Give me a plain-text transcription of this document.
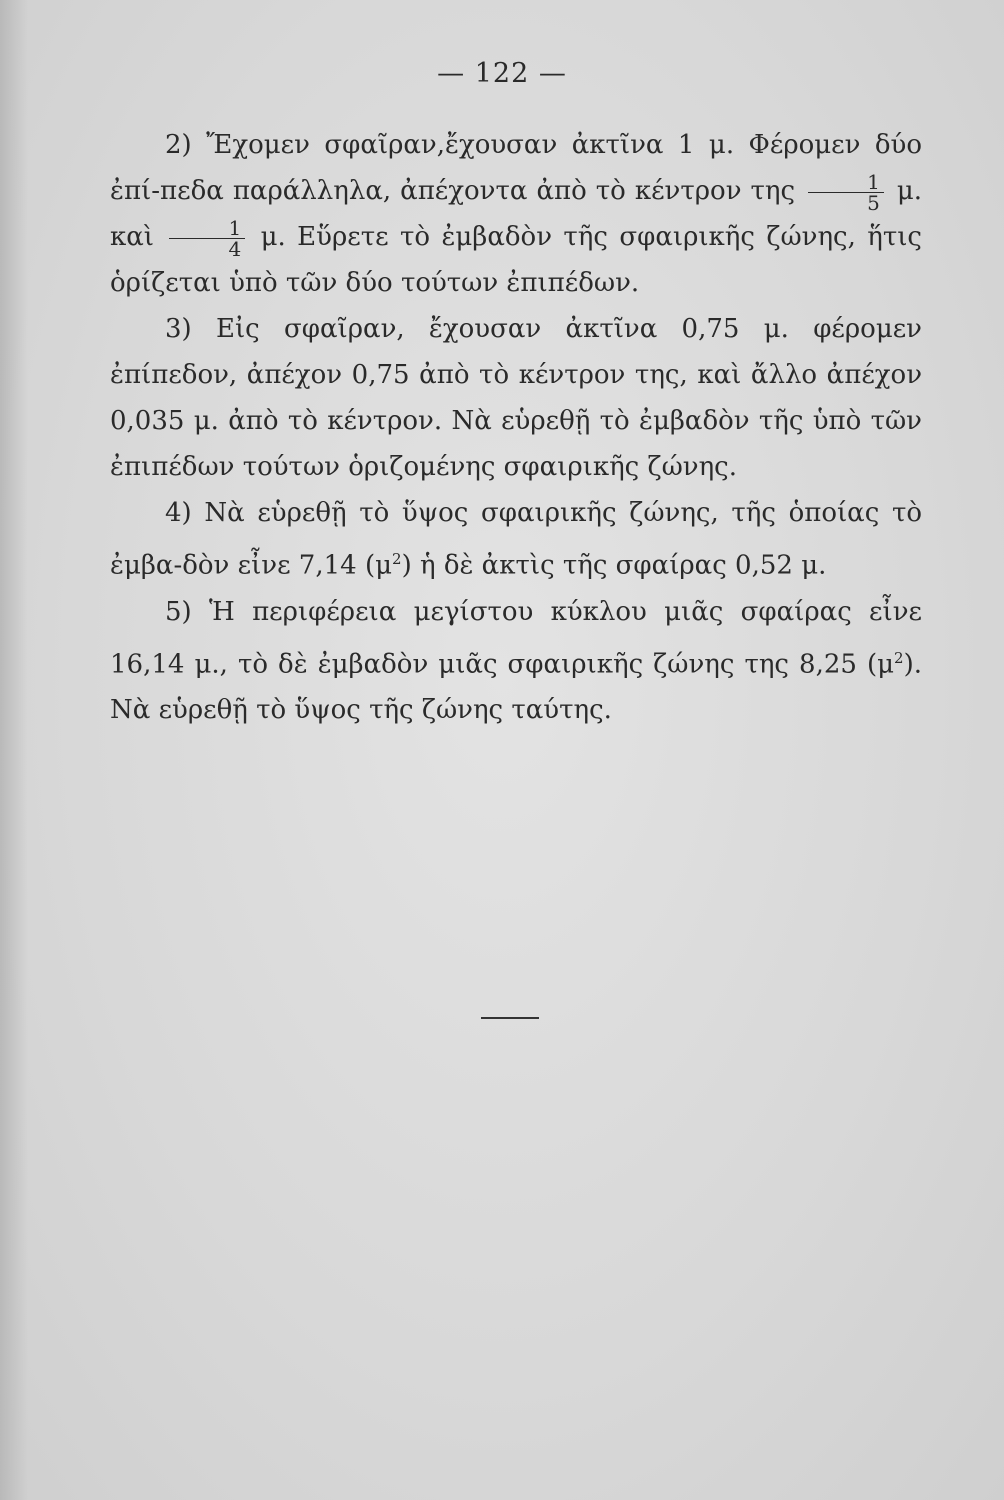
— 122 —

2) Ἔχομεν σφαῖραν,ἔχουσαν ἀκτῖνα 1 μ. Φέρομεν δύο ἐπί-πεδα παράλληλα, ἀπέχοντα ἀπὸ τὸ κέντρον της $\frac{1}{5} \mu$. καὶ $\frac{1}{4} \mu$. Εὕρετε τὸ ἐμβαδὸν τῆς σφαιρικῆς ζώνης, ἥτις ὁρίζεται ὑπὸ τῶν δύο τούτων ἐπιπέδων.

3) Εἰς σφαῖραν, ἔχουσαν ἀκτῖνα 0,75 μ. φέρομεν ἐπίπεδον, ἀπέχον 0,75 ἀπὸ τὸ κέντρον της, καὶ ἄλλο ἀπέχον 0,035 μ. ἀπὸ τὸ κέντρον. Νὰ εὑρεθῇ τὸ ἐμβαδὸν τῆς ὑπὸ τῶν ἐπιπέδων τούτων ὁριζομένης σφαιρικῆς ζώνης.

4) Νὰ εὑρεθῇ τὸ ὕψος σφαιρικῆς ζώνης, τῆς ὁποίας τὸ ἐμβα-δὸν εἶνε 7,14 $(\mu^2)$ ἡ δὲ ἀκτὶς τῆς σφαίρας 0,52 μ.

5) Ἡ περιφέρεια μεγίστου κύκλου μιᾶς σφαίρας εἶνε 16,14 μ., τὸ δὲ ἐμβαδὸν μιᾶς σφαιρικῆς ζώνης της 8,25 $(\mu^2)$. Νὰ εὑρεθῇ τὸ ὕψος τῆς ζώνης ταύτης.
